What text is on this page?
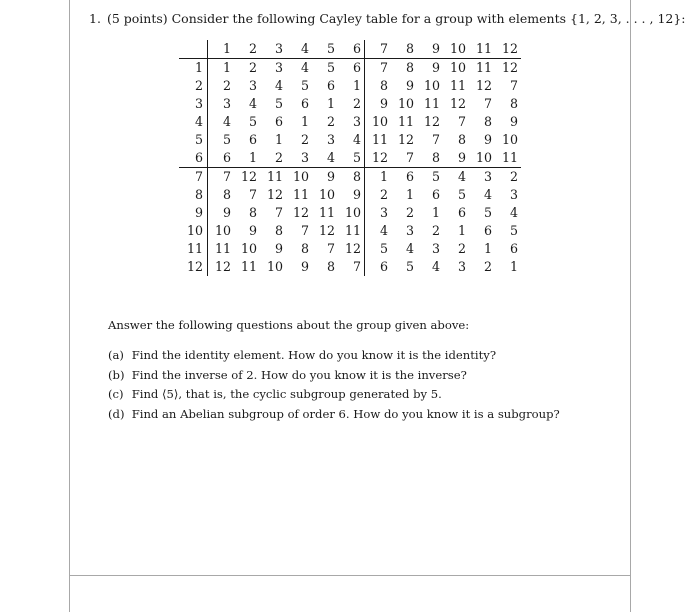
1. (5 points) Consider the following Cayley table for a group with elements {1, 2, 3, . . . , 12}:
	1	2	3	4	5	6	7	8	9	10	11	12
1	1	2	3	4	5	6	7	8	9	10	11	12
2	2	3	4	5	6	1	8	9	10	11	12	7
3	3	4	5	6	1	2	9	10	11	12	7	8
4	4	5	6	1	2	3	10	11	12	7	8	9
5	5	6	1	2	3	4	11	12	7	8	9	10
6	6	1	2	3	4	5	12	7	8	9	10	11
7	7	12	11	10	9	8	1	6	5	4	3	2
8	8	7	12	11	10	9	2	1	6	5	4	3
9	9	8	7	12	11	10	3	2	1	6	5	4
10	10	9	8	7	12	11	4	3	2	1	6	5
11	11	10	9	8	7	12	5	4	3	2	1	6
12	12	11	10	9	8	7	6	5	4	3	2	1
Answer the following questions about the group given above:
(a) Find the identity element. How do you know it is the identity?
(b) Find the inverse of 2. How do you know it is the inverse?
(c) Find ⟨5⟩, that is, the cyclic subgroup generated by 5.
(d) Find an Abelian subgroup of order 6. How do you know it is a subgroup?
